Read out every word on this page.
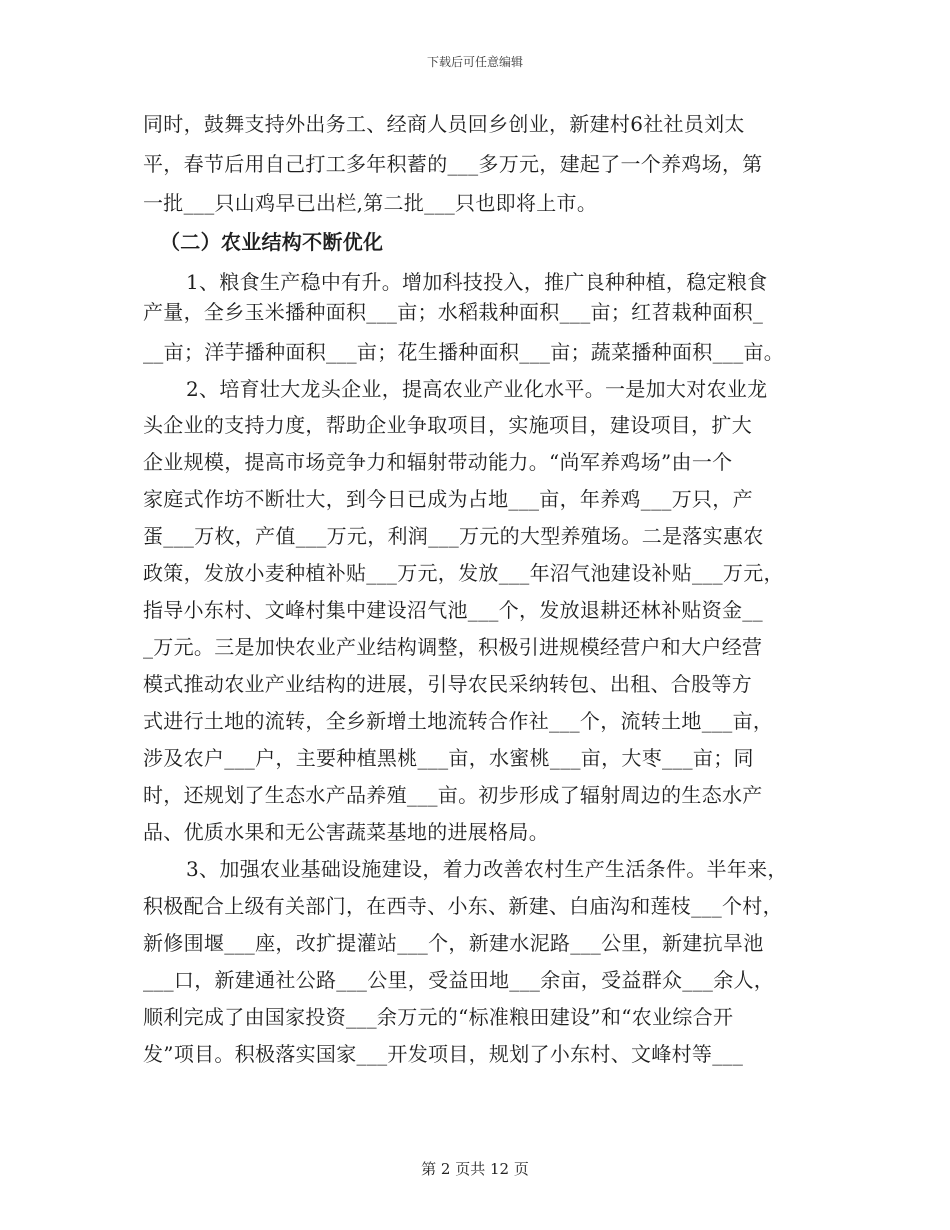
下载后可任意编辑
同时，鼓舞支持外出务工、经商人员回乡创业，新建村6社社员刘太
平，春节后用自己打工多年积蓄的___多万元，建起了一个养鸡场，第
一批___只山鸡早已出栏,第二批___只也即将上市。
（二）农业结构不断优化
1、粮食生产稳中有升。增加科技投入，推广良种种植，稳定粮食
产量，全乡玉米播种面积___亩；水稻栽种面积___亩；红苕栽种面积_
__亩；洋芋播种面积___亩；花生播种面积___亩；蔬菜播种面积___亩。
2、培育壮大龙头企业，提高农业产业化水平。一是加大对农业龙
头企业的支持力度，帮助企业争取项目，实施项目，建设项目，扩大
企业规模，提高市场竞争力和辐射带动能力。“尚军养鸡场”由一个
家庭式作坊不断壮大，到今日已成为占地___亩，年养鸡___万只，产
蛋___万枚，产值___万元，利润___万元的大型养殖场。二是落实惠农
政策，发放小麦种植补贴___万元，发放___年沼气池建设补贴___万元，
指导小东村、文峰村集中建设沼气池___个，发放退耕还林补贴资金__
_万元。三是加快农业产业结构调整，积极引进规模经营户和大户经营
模式推动农业产业结构的进展，引导农民采纳转包、出租、合股等方
式进行土地的流转，全乡新增土地流转合作社___个，流转土地___亩，
涉及农户___户，主要种植黑桃___亩，水蜜桃___亩，大枣___亩；同
时，还规划了生态水产品养殖___亩。初步形成了辐射周边的生态水产
品、优质水果和无公害蔬菜基地的进展格局。
3、加强农业基础设施建设，着力改善农村生产生活条件。半年来，
积极配合上级有关部门，在西寺、小东、新建、白庙沟和莲枝___个村，
新修围堰___座，改扩提灌站___个，新建水泥路___公里，新建抗旱池
___口，新建通社公路___公里，受益田地___余亩，受益群众___余人，
顺利完成了由国家投资___余万元的“标准粮田建设”和“农业综合开
发”项目。积极落实国家___开发项目，规划了小东村、文峰村等___
第 2 页共 12 页
